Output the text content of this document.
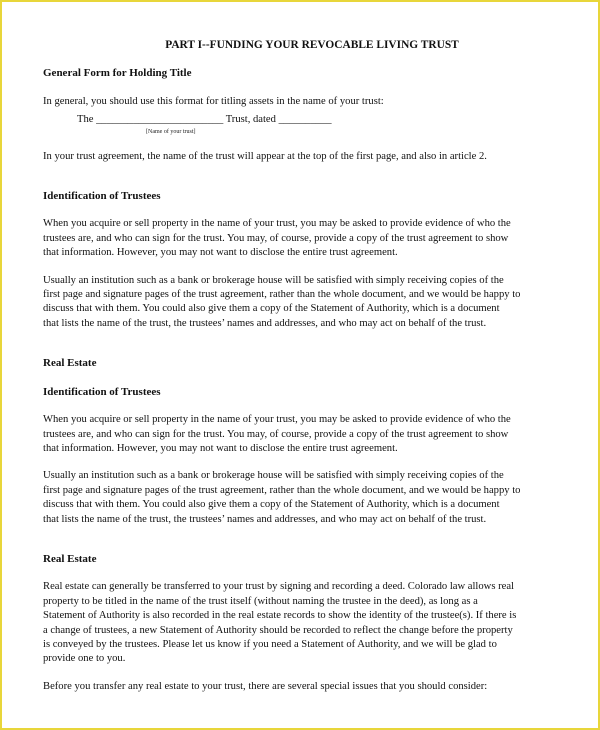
PART I--FUNDING YOUR REVOCABLE LIVING TRUST
General Form for Holding Title

In general, you should use this format for titling assets in the name of your trust:

The ________________________ Trust, dated __________
[Name of your trust]

In your trust agreement, the name of the trust will appear at the top of the first page, and also in article 2.

Identification of Trustees

When you acquire or sell property in the name of your trust, you may be asked to provide evidence of who the
trustees are, and who can sign for the trust. You may, of course, provide a copy of the trust agreement to show
that information. However, you may not want to disclose the entire trust agreement.

Usually an institution such as a bank or brokerage house will be satisfied with simply receiving copies of the
first page and signature pages of the trust agreement, rather than the whole document, and we would be happy to
discuss that with them. You could also give them a copy of the Statement of Authority, which is a document
that lists the name of the trust, the trustees’ names and addresses, and who may act on behalf of the trust.

Real Estate
Identification of Trustees

When you acquire or sell property in the name of your trust, you may be asked to provide evidence of who the
trustees are, and who can sign for the trust. You may, of course, provide a copy of the trust agreement to show
that information. However, you may not want to disclose the entire trust agreement.

Usually an institution such as a bank or brokerage house will be satisfied with simply receiving copies of the
first page and signature pages of the trust agreement, rather than the whole document, and we would be happy to
discuss that with them. You could also give them a copy of the Statement of Authority, which is a document
that lists the name of the trust, the trustees’ names and addresses, and who may act on behalf of the trust.

Real Estate

Real estate can generally be transferred to your trust by signing and recording a deed. Colorado law allows real
property to be titled in the name of the trust itself (without naming the trustee in the deed), as long as a
Statement of Authority is also recorded in the real estate records to show the identity of the trustee(s). If there is
a change of trustees, a new Statement of Authority should be recorded to reflect the change before the property
is conveyed by the trustees. Please let us know if you need a Statement of Authority, and we will be glad to
provide one to you.

Before you transfer any real estate to your trust, there are several special issues that you should consider:
